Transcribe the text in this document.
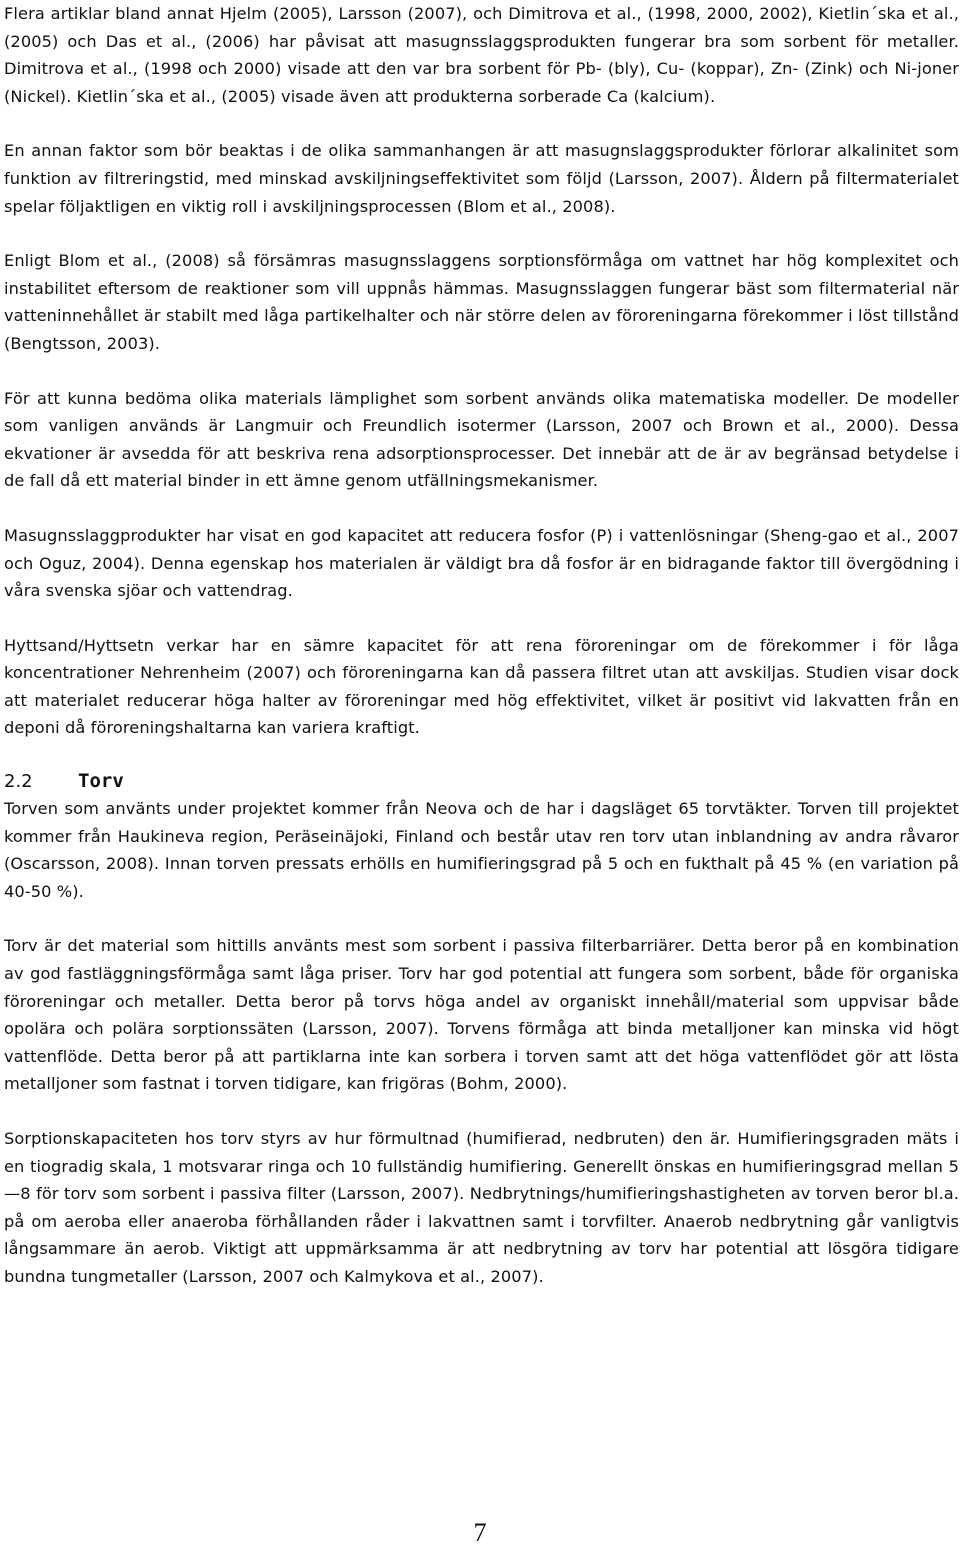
Flera artiklar bland annat Hjelm (2005), Larsson (2007), och Dimitrova et al., (1998, 2000, 2002), Kietlin´ska et al., (2005) och Das et al., (2006) har påvisat att masugnsslaggsprodukten fungerar bra som sorbent för metaller. Dimitrova et al., (1998 och 2000) visade att den var bra sorbent för Pb- (bly), Cu- (koppar), Zn- (Zink) och Ni-joner (Nickel). Kietlin´ska et al., (2005) visade även att produkterna sorberade Ca (kalcium).

En annan faktor som bör beaktas i de olika sammanhangen är att masugnslaggsprodukter förlorar alkalinitet som funktion av filtreringstid, med minskad avskiljningseffektivitet som följd (Larsson, 2007). Åldern på filtermaterialet spelar följaktligen en viktig roll i avskiljningsprocessen (Blom et al., 2008).

Enligt Blom et al., (2008) så försämras masugnsslaggens sorptionsförmåga om vattnet har hög komplexitet och instabilitet eftersom de reaktioner som vill uppnås hämmas. Masugnsslaggen fungerar bäst som filtermaterial när vatteninnehållet är stabilt med låga partikelhalter och när större delen av föroreningarna förekommer i löst tillstånd (Bengtsson, 2003).

För att kunna bedöma olika materials lämplighet som sorbent används olika matematiska modeller. De modeller som vanligen används är Langmuir och Freundlich isotermer (Larsson, 2007 och Brown et al., 2000). Dessa ekvationer är avsedda för att beskriva rena adsorptionsprocesser. Det innebär att de är av begränsad betydelse i de fall då ett material binder in ett ämne genom utfällningsmekanismer.

Masugnsslaggprodukter har visat en god kapacitet att reducera fosfor (P) i vattenlösningar (Sheng-gao et al., 2007 och Oguz, 2004). Denna egenskap hos materialen är väldigt bra då fosfor är en bidragande faktor till övergödning i våra svenska sjöar och vattendrag.

Hyttsand/Hyttsetn verkar har en sämre kapacitet för att rena föroreningar om de förekommer i för låga koncentrationer Nehrenheim (2007) och föroreningarna kan då passera filtret utan att avskiljas. Studien visar dock att materialet reducerar höga halter av föroreningar med hög effektivitet, vilket är positivt vid lakvatten från en deponi då föroreningshaltarna kan variera kraftigt.

2.2	Torv

Torven som använts under projektet kommer från Neova och de har i dagsläget 65 torvtäkter. Torven till projektet kommer från Haukineva region, Peräseinäjoki, Finland och består utav ren torv utan inblandning av andra råvaror (Oscarsson, 2008). Innan torven pressats erhölls en humifieringsgrad på 5 och en fukthalt på 45 % (en variation på 40-50 %).

Torv är det material som hittills använts mest som sorbent i passiva filterbarriärer. Detta beror på en kombination av god fastläggningsförmåga samt låga priser. Torv har god potential att fungera som sorbent, både för organiska föroreningar och metaller. Detta beror på torvs höga andel av organiskt innehåll/material som uppvisar både opolära och polära sorptionssäten (Larsson, 2007). Torvens förmåga att binda metalljoner kan minska vid högt vattenflöde. Detta beror på att partiklarna inte kan sorbera i torven samt att det höga vattenflödet gör att lösta metalljoner som fastnat i torven tidigare, kan frigöras (Bohm, 2000).

Sorptionskapaciteten hos torv styrs av hur förmultnad (humifierad, nedbruten) den är. Humifieringsgraden mäts i en tiogradig skala, 1 motsvarar ringa och 10 fullständig humifiering. Generellt önskas en humifieringsgrad mellan 5—8 för torv som sorbent i passiva filter (Larsson, 2007). Nedbrytnings/humifieringshastigheten av torven beror bl.a. på om aeroba eller anaeroba förhållanden råder i lakvattnen samt i torvfilter. Anaerob nedbrytning går vanligtvis långsammare än aerob. Viktigt att uppmärksamma är att nedbrytning av torv har potential att lösgöra tidigare bundna tungmetaller (Larsson, 2007 och Kalmykova et al., 2007).

7
